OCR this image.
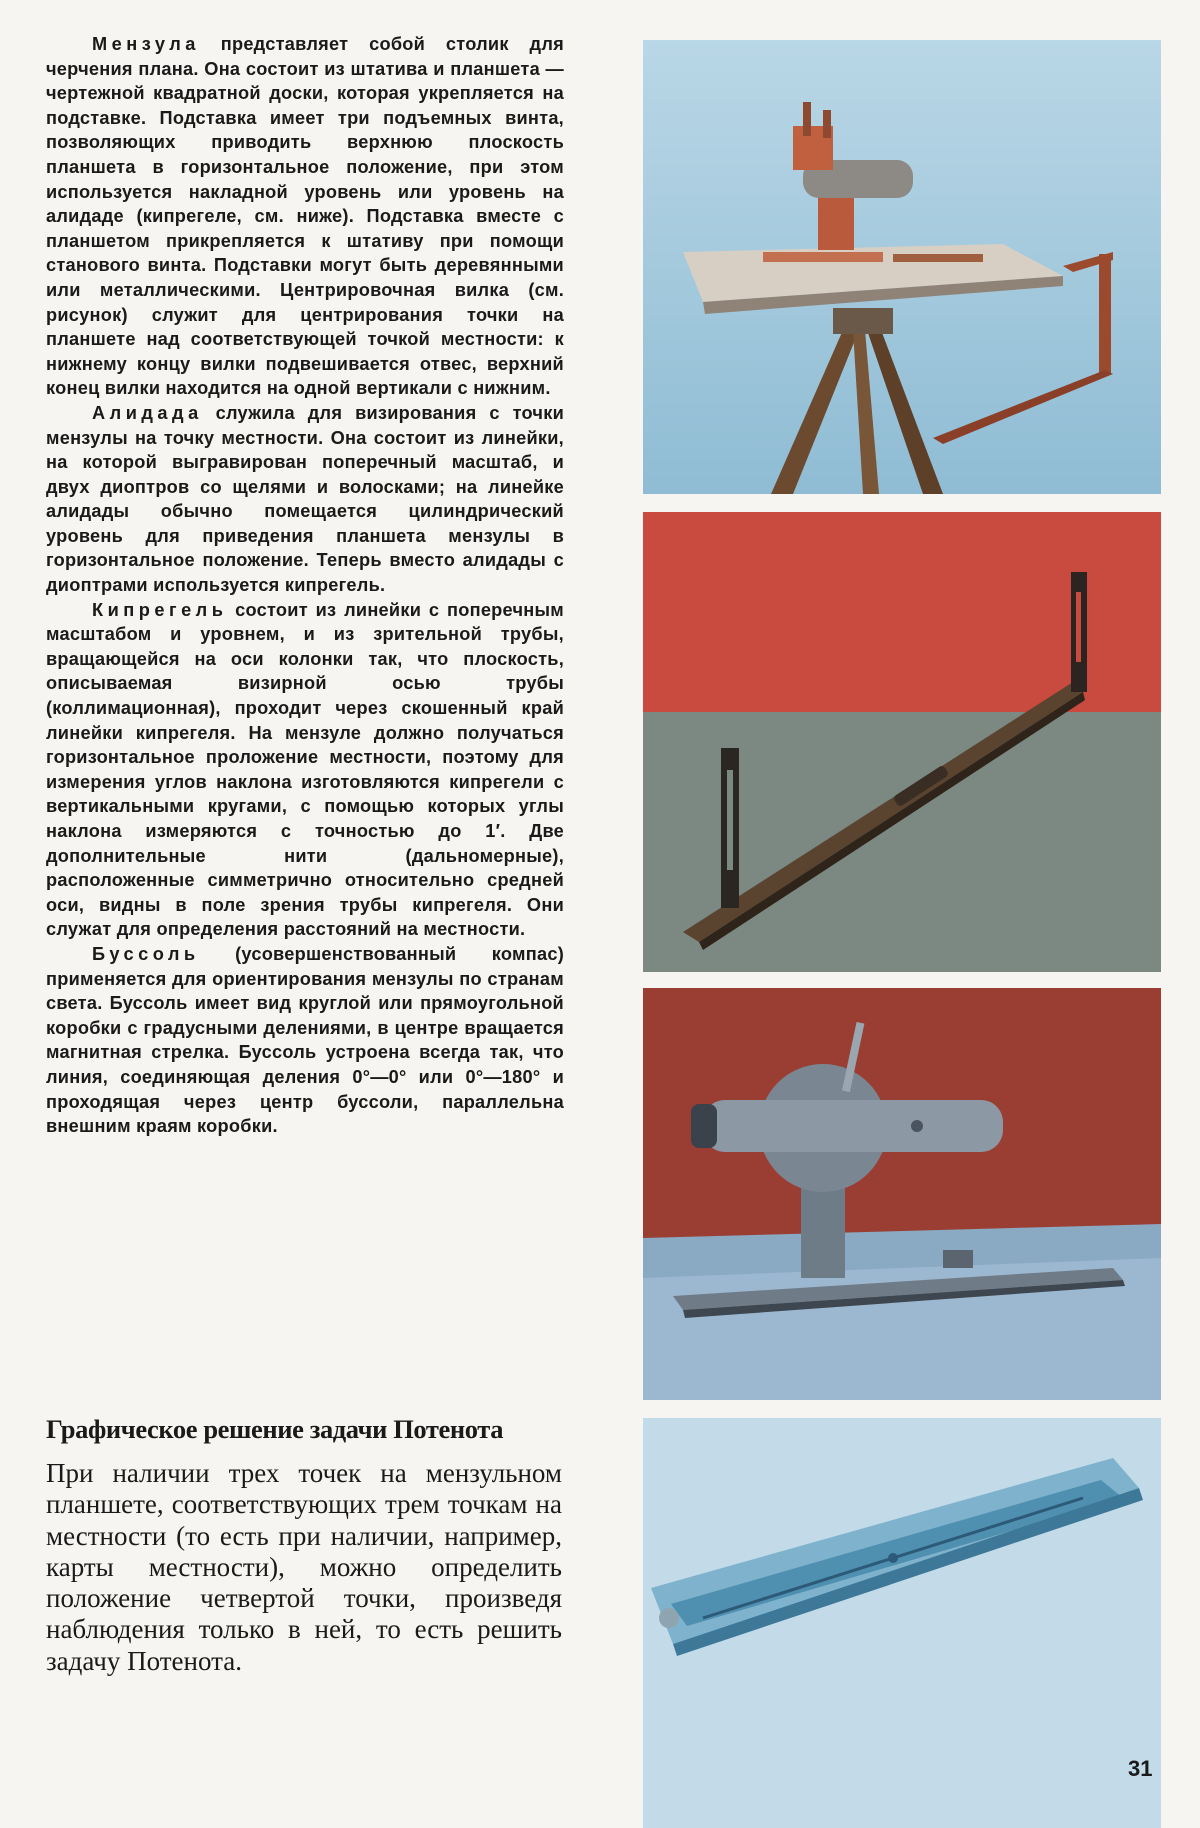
Мензула представляет собой столик для черчения плана. Она состоит из штатива и планшета — чертежной квадратной доски, которая укрепляется на подставке. Подставка имеет три подъемных винта, позволяющих приводить верхнюю плоскость планшета в горизонтальное положение, при этом используется накладной уровень или уровень на алидаде (кипрегеле, см. ниже). Подставка вместе с планшетом прикрепляется к штативу при помощи станового винта. Подставки могут быть деревянными или металлическими. Центрировочная вилка (см. рисунок) служит для центрирования точки на планшете над соответствующей точкой местности: к нижнему концу вилки подвешивается отвес, верхний конец вилки находится на одной вертикали с нижним.

Алидада служила для визирования с точки мензулы на точку местности. Она состоит из линейки, на которой выгравирован поперечный масштаб, и двух диоптров со щелями и волосками; на линейке алидады обычно помещается цилиндрический уровень для приведения планшета мензулы в горизонтальное положение. Теперь вместо алидады с диоптрами используется кипрегель.

Кипрегель состоит из линейки с поперечным масштабом и уровнем, и из зрительной трубы, вращающейся на оси колонки так, что плоскость, описываемая визирной осью трубы (коллимационная), проходит через скошенный край линейки кипрегеля. На мензуле должно получаться горизонтальное проложение местности, поэтому для измерения углов наклона изготовляются кипрегели с вертикальными кругами, с помощью которых углы наклона измеряются с точностью до 1′. Две дополнительные нити (дальномерные), расположенные симметрично относительно средней оси, видны в поле зрения трубы кипрегеля. Они служат для определения расстояний на местности.

Буссоль (усовершенствованный компас) применяется для ориентирования мензулы по странам света. Буссоль имеет вид круглой или прямоугольной коробки с градусными делениями, в центре вращается магнитная стрелка. Буссоль устроена всегда так, что линия, соединяющая деления 0°—0° или 0°—180° и проходящая через центр буссоли, параллельна внешним краям коробки.

Графическое решение задачи Потенота

При наличии трех точек на мензульном планшете, соответствующих трем точкам на местности (то есть при наличии, например, карты местности), можно определить положение четвертой точки, произведя наблюдения только в ней, то есть решить задачу Потенота.

31
